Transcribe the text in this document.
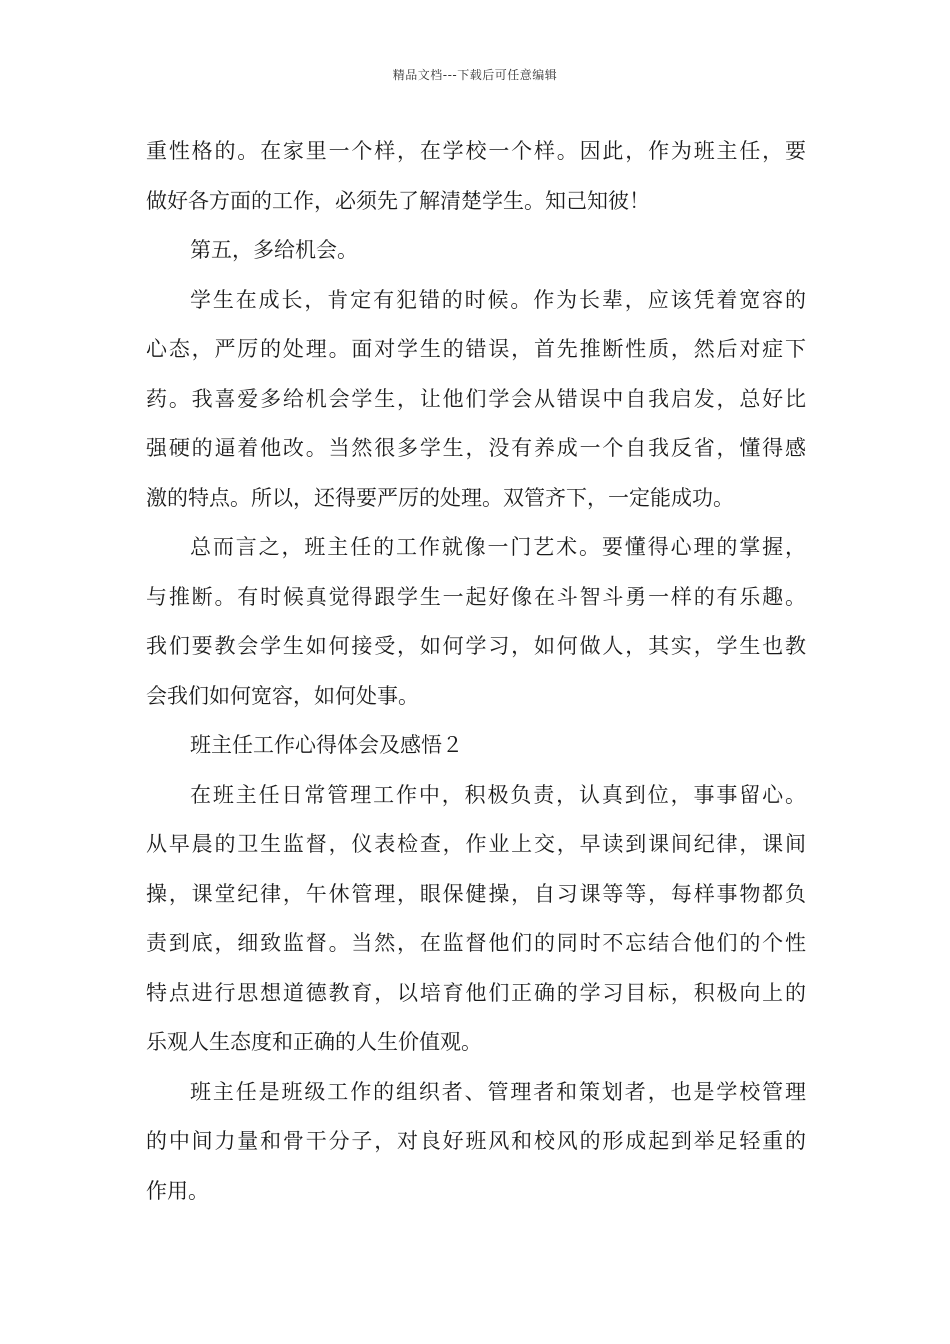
精品文档---下载后可任意编辑
重性格的。在家里一个样，在学校一个样。因此，作为班主任，要
做好各方面的工作，必须先了解清楚学生。知己知彼！
第五，多给机会。
学生在成长，肯定有犯错的时候。作为长辈，应该凭着宽容的
心态，严厉的处理。面对学生的错误，首先推断性质，然后对症下
药。我喜爱多给机会学生，让他们学会从错误中自我启发，总好比
强硬的逼着他改。当然很多学生，没有养成一个自我反省，懂得感
激的特点。所以，还得要严厉的处理。双管齐下，一定能成功。
总而言之，班主任的工作就像一门艺术。要懂得心理的掌握，
与推断。有时候真觉得跟学生一起好像在斗智斗勇一样的有乐趣。
我们要教会学生如何接受，如何学习，如何做人，其实，学生也教
会我们如何宽容，如何处事。
班主任工作心得体会及感悟２
在班主任日常管理工作中，积极负责，认真到位，事事留心。
从早晨的卫生监督，仪表检查，作业上交，早读到课间纪律，课间
操，课堂纪律，午休管理，眼保健操，自习课等等，每样事物都负
责到底，细致监督。当然，在监督他们的同时不忘结合他们的个性
特点进行思想道德教育，以培育他们正确的学习目标，积极向上的
乐观人生态度和正确的人生价值观。
班主任是班级工作的组织者、管理者和策划者，也是学校管理
的中间力量和骨干分子，对良好班风和校风的形成起到举足轻重的
作用。
